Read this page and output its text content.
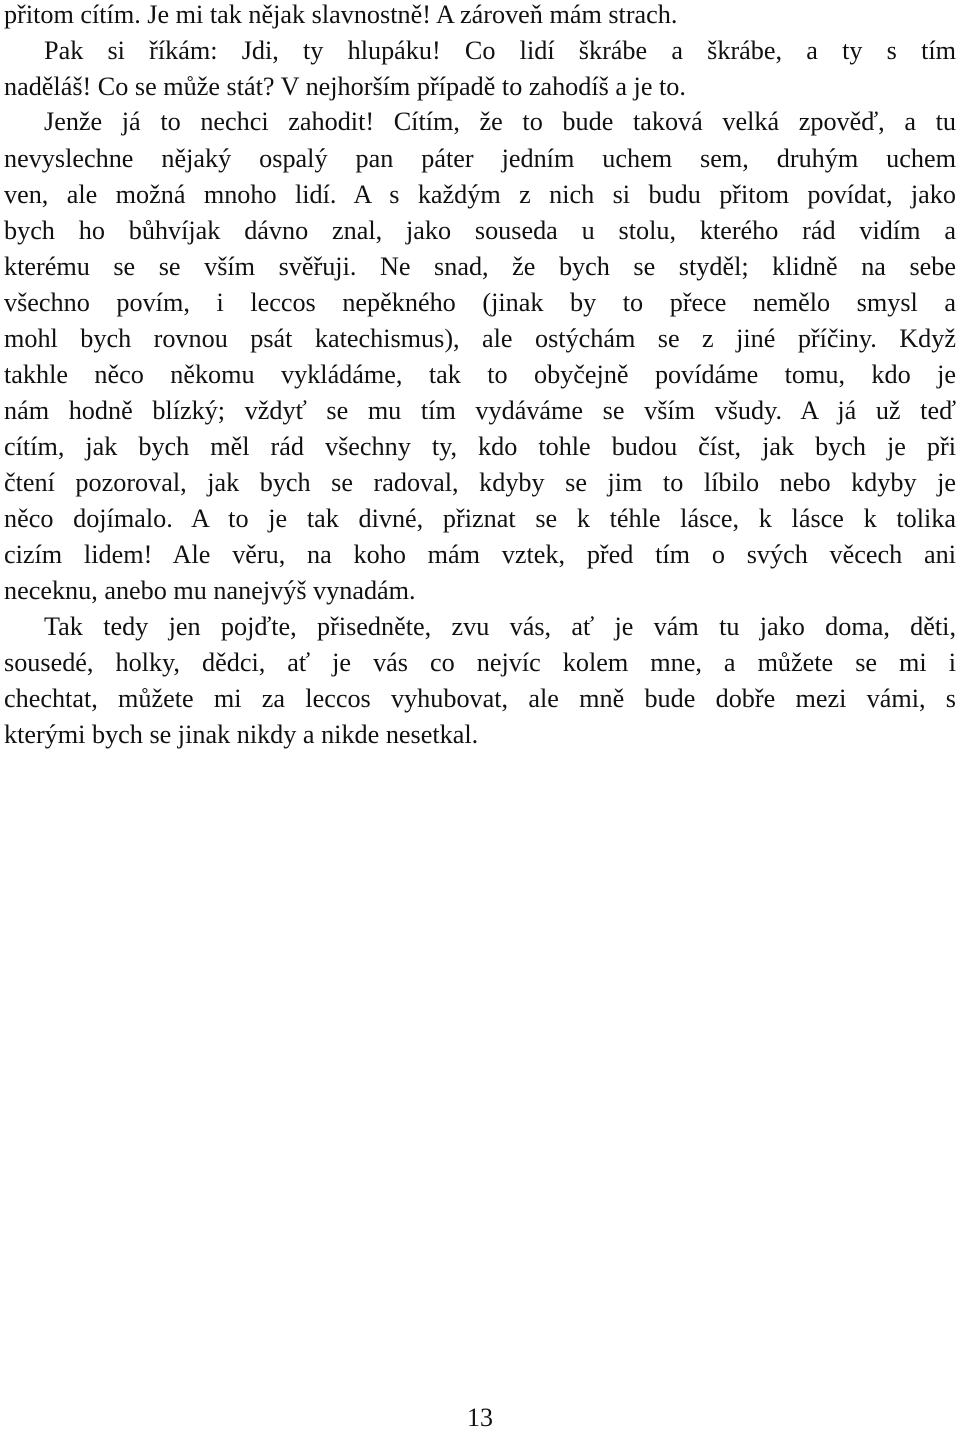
přitom cítím. Je mi tak nějak slavnostně! A zároveň mám strach.
Pak si říkám: Jdi, ty hlupáku! Co lidí škrábe a škrábe, a ty s tím
naděláš! Co se může stát? V nejhorším případě to zahodíš a je to.
Jenže já to nechci zahodit! Cítím, že to bude taková velká zpověď, a tu
nevyslechne nějaký ospalý pan páter jedním uchem sem, druhým uchem
ven, ale možná mnoho lidí. A s každým z nich si budu přitom povídat, jako
bych ho bůhvíjak dávno znal, jako souseda u stolu, kterého rád vidím a
kterému se se vším svěřuji. Ne snad, že bych se styděl; klidně na sebe
všechno povím, i leccos nepěkného (jinak by to přece nemělo smysl a
mohl bych rovnou psát katechismus), ale ostýchám se z jiné příčiny. Když
takhle něco někomu vykládáme, tak to obyčejně povídáme tomu, kdo je
nám hodně blízký; vždyť se mu tím vydáváme se vším všudy. A já už teď
cítím, jak bych měl rád všechny ty, kdo tohle budou číst, jak bych je při
čtení pozoroval, jak bych se radoval, kdyby se jim to líbilo nebo kdyby je
něco dojímalo. A to je tak divné, přiznat se k téhle lásce, k lásce k tolika
cizím lidem! Ale věru, na koho mám vztek, před tím o svých věcech ani
neceknu, anebo mu nanejvýš vynadám.
Tak tedy jen pojďte, přisedněte, zvu vás, ať je vám tu jako doma, děti,
sousedé, holky, dědci, ať je vás co nejvíc kolem mne, a můžete se mi i
chechtat, můžete mi za leccos vyhubovat, ale mně bude dobře mezi vámi, s
kterými bych se jinak nikdy a nikde nesetkal.
13
